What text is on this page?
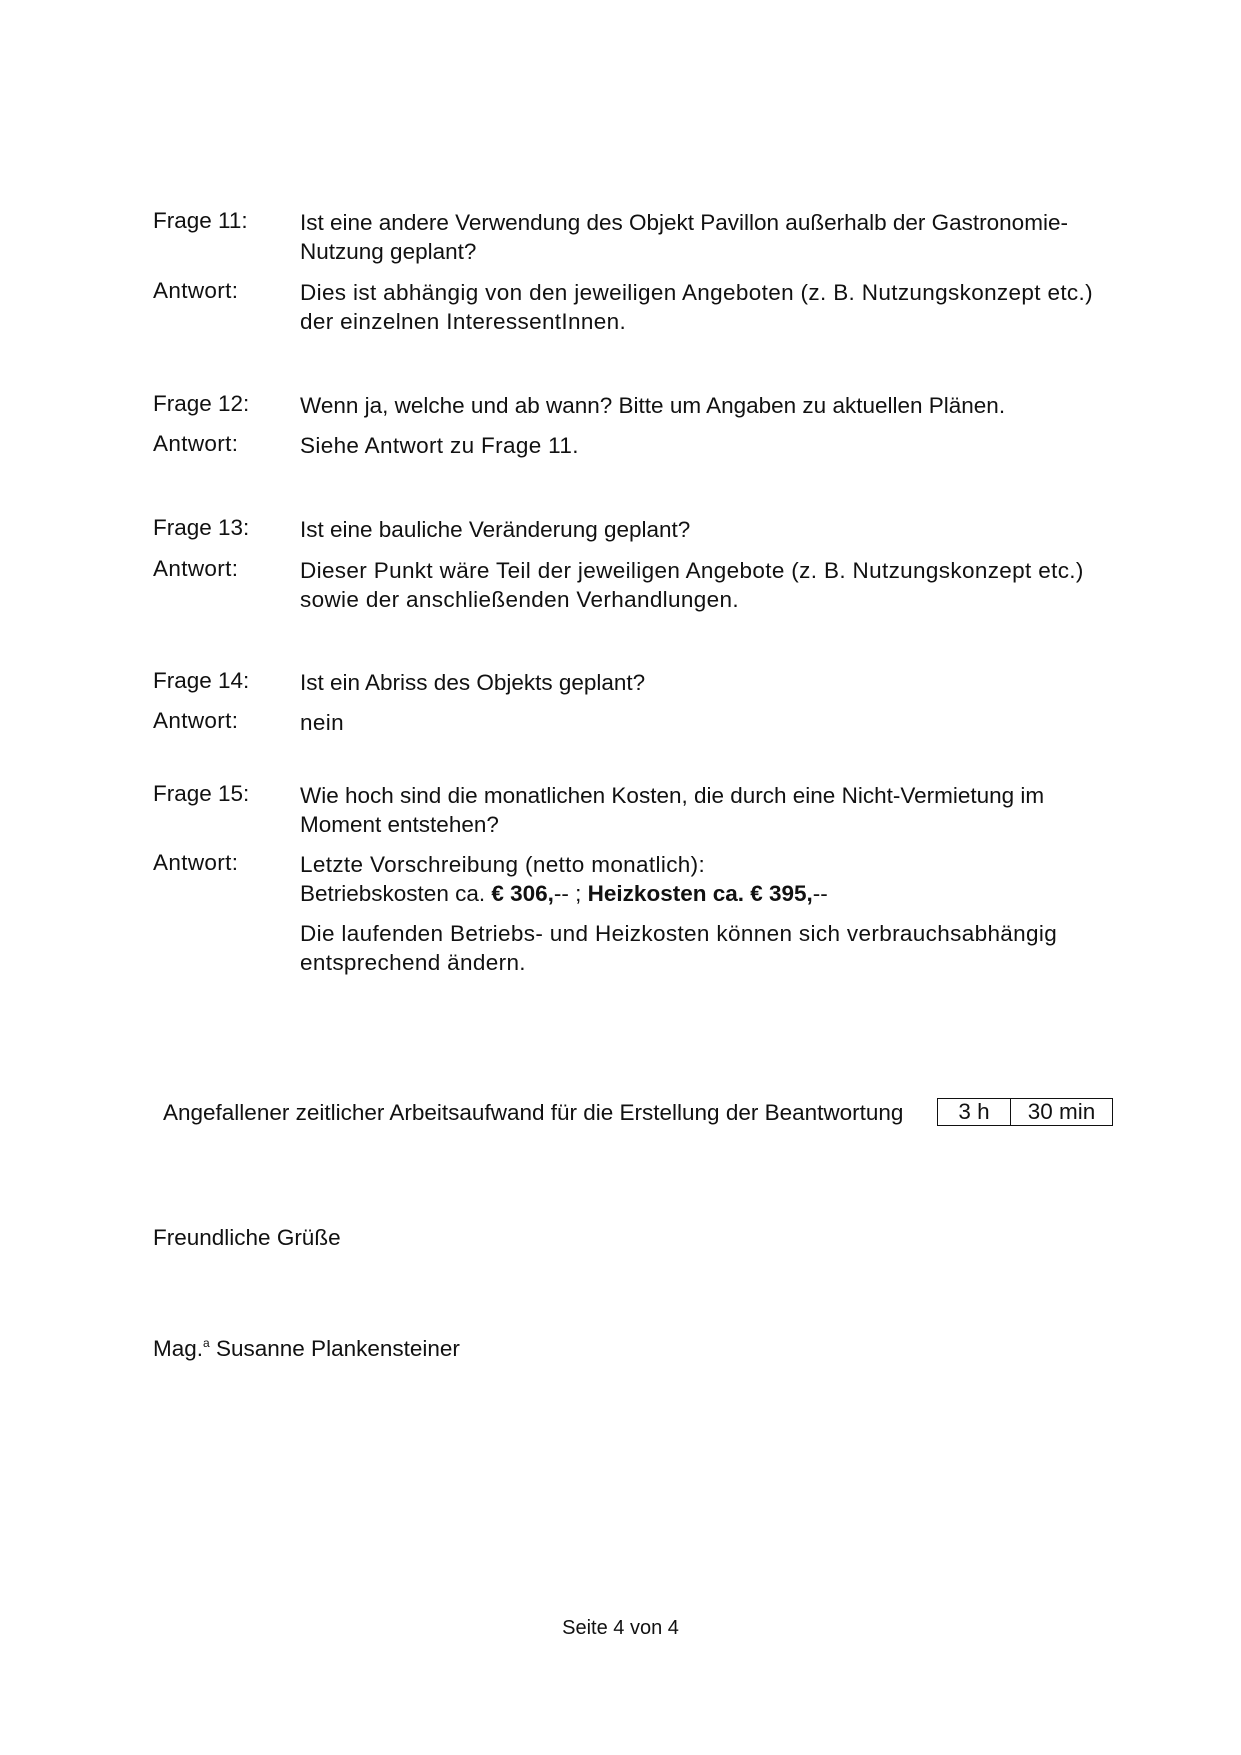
Frage 11:	Ist eine andere Verwendung des Objekt Pavillon außerhalb der Gastronomie-Nutzung geplant?
Antwort:	Dies ist abhängig von den jeweiligen Angeboten (z. B. Nutzungskonzept etc.) der einzelnen InteressentInnen.
Frage 12:	Wenn ja, welche und ab wann? Bitte um Angaben zu aktuellen Plänen.
Antwort:	Siehe Antwort zu Frage 11.
Frage 13:	Ist eine bauliche Veränderung geplant?
Antwort:	Dieser Punkt wäre Teil der jeweiligen Angebote (z. B. Nutzungskonzept etc.) sowie der anschließenden Verhandlungen.
Frage 14:	Ist ein Abriss des Objekts geplant?
Antwort:	nein
Frage 15:	Wie hoch sind die monatlichen Kosten, die durch eine Nicht-Vermietung im Moment entstehen?
Antwort:	Letzte Vorschreibung (netto monatlich):
Betriebskosten ca. € 306,-- ; Heizkosten ca. € 395,--
Die laufenden Betriebs- und Heizkosten können sich verbrauchsabhängig entsprechend ändern.
Angefallener zeitlicher Arbeitsaufwand für die Erstellung der Beantwortung	3 h	30 min
Freundliche Grüße
Mag.$^a$ Susanne Plankensteiner
Seite 4 von 4
